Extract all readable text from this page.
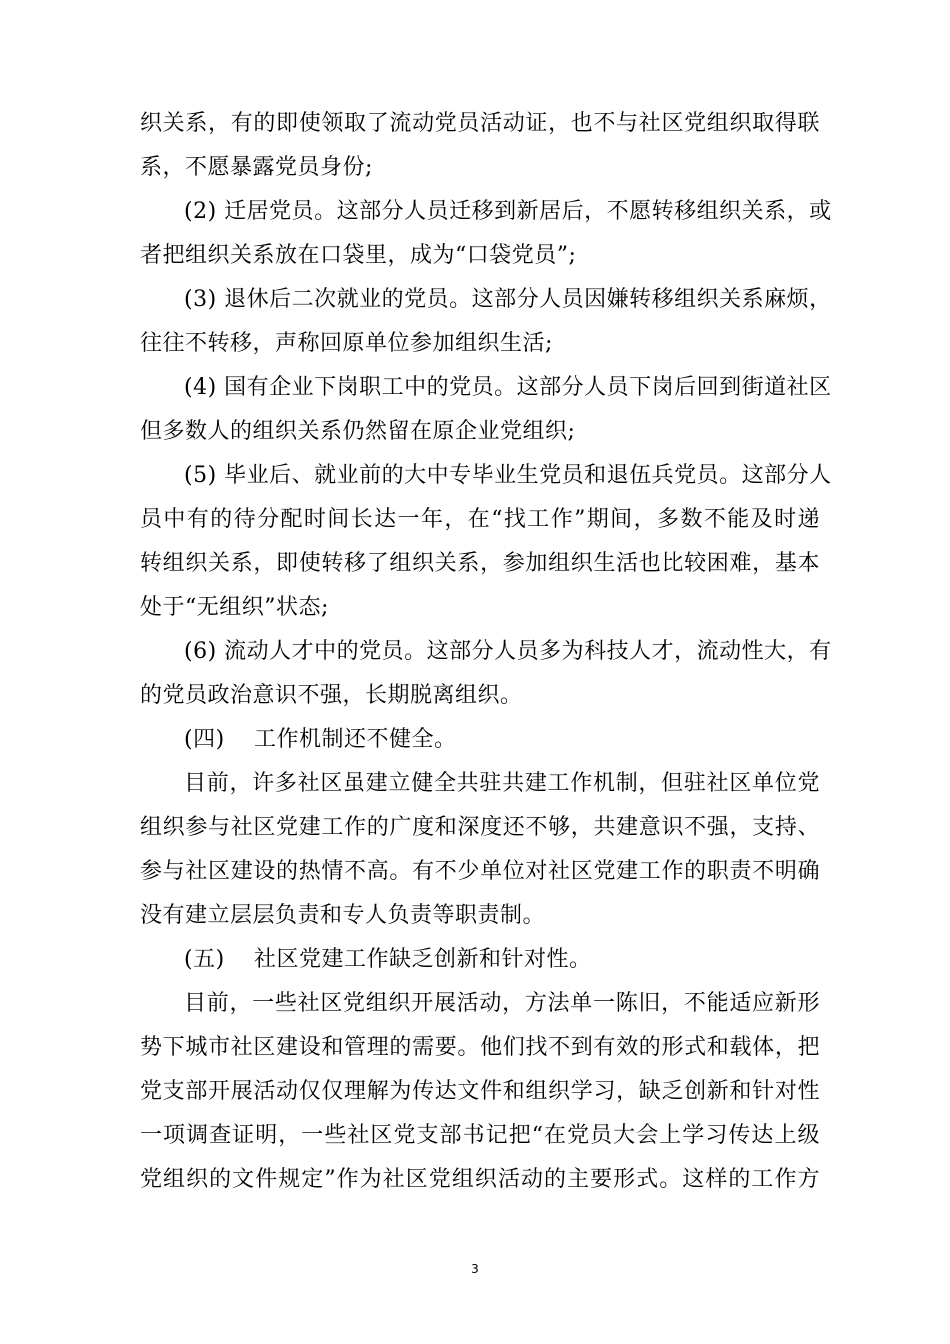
织关系，有的即使领取了流动党员活动证，也不与社区党组织取得联
系，不愿暴露党员身份;
(2) 迁居党员。这部分人员迁移到新居后，不愿转移组织关系，或
者把组织关系放在口袋里，成为“口袋党员”;
(3) 退休后二次就业的党员。这部分人员因嫌转移组织关系麻烦，
往往不转移，声称回原单位参加组织生活;
(4) 国有企业下岗职工中的党员。这部分人员下岗后回到街道社区
但多数人的组织关系仍然留在原企业党组织;
(5) 毕业后、就业前的大中专毕业生党员和退伍兵党员。这部分人
员中有的待分配时间长达一年，在“找工作”期间，多数不能及时递
转组织关系，即使转移了组织关系，参加组织生活也比较困难，基本
处于“无组织”状态;
(6) 流动人才中的党员。这部分人员多为科技人才，流动性大，有
的党员政治意识不强，长期脱离组织。
(四) 工作机制还不健全。
目前，许多社区虽建立健全共驻共建工作机制，但驻社区单位党
组织参与社区党建工作的广度和深度还不够，共建意识不强，支持、
参与社区建设的热情不高。有不少单位对社区党建工作的职责不明确
没有建立层层负责和专人负责等职责制。
(五) 社区党建工作缺乏创新和针对性。
目前，一些社区党组织开展活动，方法单一陈旧，不能适应新形
势下城市社区建设和管理的需要。他们找不到有效的形式和载体，把
党支部开展活动仅仅理解为传达文件和组织学习，缺乏创新和针对性
一项调查证明，一些社区党支部书记把“在党员大会上学习传达上级
党组织的文件规定”作为社区党组织活动的主要形式。这样的工作方
3
